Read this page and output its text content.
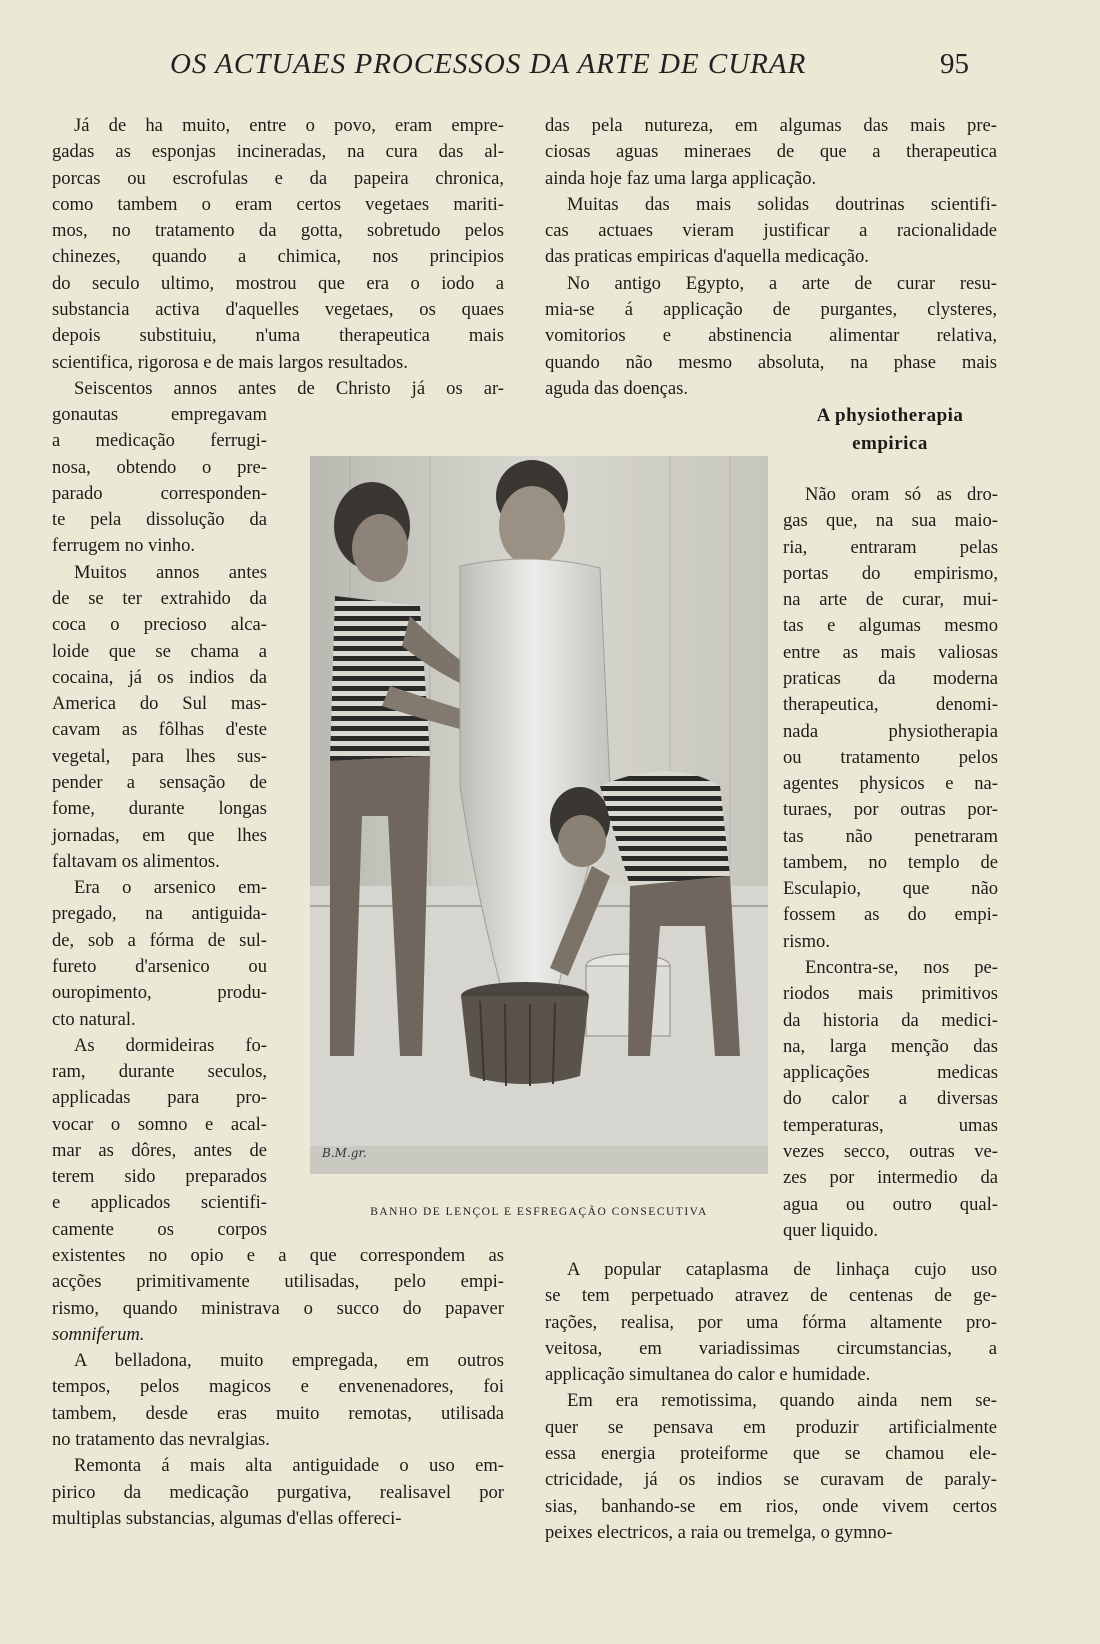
OS ACTUAES PROCESSOS DA ARTE DE CURAR	95
Já de ha muito, entre o povo, eram empre-
gadas as esponjas incineradas, na cura das al-
porcas ou escrofulas e da papeira chronica,
como tambem o eram certos vegetaes mariti-
mos, no tratamento da gotta, sobretudo pelos
chinezes, quando a chimica, nos principios
do seculo ultimo, mostrou que era o iodo a
substancia activa d'aquelles vegetaes, os quaes
depois substituiu, n'uma therapeutica mais
scientifica, rigorosa e de mais largos resultados.
Seiscentos annos antes de Christo já os ar-
gonautas empregavam
a medicação ferrugi-
nosa, obtendo o pre-
parado corresponden-
te pela dissolução da
ferrugem no vinho.
Muitos annos antes
de se ter extrahido da
coca o precioso alca-
loide que se chama a
cocaina, já os indios da
America do Sul mas-
cavam as fôlhas d'este
vegetal, para lhes sus-
pender a sensação de
fome, durante longas
jornadas, em que lhes
faltavam os alimentos.
Era o arsenico em-
pregado, na antiguida-
de, sob a fórma de sul-
fureto d'arsenico ou
ouropimento, produ-
cto natural.
As dormideiras fo-
ram, durante seculos,
applicadas para pro-
vocar o somno e acal-
mar as dôres, antes de
terem sido preparados
e applicados scientifi-
camente os corpos
existentes no opio e a que correspondem as
acções primitivamente utilisadas, pelo empi-
rismo, quando ministrava o succo do papaver
somniferum.
A belladona, muito empregada, em outros
tempos, pelos magicos e envenenadores, foi
tambem, desde eras muito remotas, utilisada
no tratamento das nevralgias.
Remonta á mais alta antiguidade o uso em-
pirico da medicação purgativa, realisavel por
multiplas substancias, algumas d'ellas offereci-
das pela nutureza, em algumas das mais pre-
ciosas aguas mineraes de que a therapeutica
ainda hoje faz uma larga applicação.
Muitas das mais solidas doutrinas scientifi-
cas actuaes vieram justificar a racionalidade
das praticas empiricas d'aquella medicação.
No antigo Egypto, a arte de curar resu-
mia-se á applicação de purgantes, clysteres,
vomitorios e abstinencia alimentar relativa,
quando não mesmo absoluta, na phase mais
aguda das doenças.
Não oram só as dro-
gas que, na sua maio-
ria, entraram pelas
portas do empirismo,
na arte de curar, mui-
tas e algumas mesmo
entre as mais valiosas
praticas da moderna
therapeutica, denomi-
nada physiotherapia
ou tratamento pelos
agentes physicos e na-
turaes, por outras por-
tas não penetraram
tambem, no templo de
Esculapio, que não
fossem as do empi-
rismo.
Encontra-se, nos pe-
riodos mais primitivos
da historia da medici-
na, larga menção das
applicações medicas
do calor a diversas
temperaturas, umas
vezes secco, outras ve-
zes por intermedio da
agua ou outro qual-
quer liquido.
A popular cataplasma de linhaça cujo uso
se tem perpetuado atravez de centenas de ge-
rações, realisa, por uma fórma altamente pro-
veitosa, em variadissimas circumstancias, a
applicação simultanea do calor e humidade.
Em era remotissima, quando ainda nem se-
quer se pensava em produzir artificialmente
essa energia proteiforme que se chamou ele-
ctricidade, já os indios se curavam de paraly-
sias, banhando-se em rios, onde vivem certos
peixes electricos, a raia ou tremelga, o gymno-
A physiotherapia
empirica
B.M.gr.
BANHO DE LENÇOL E ESFREGAÇÃO CONSECUTIVA
